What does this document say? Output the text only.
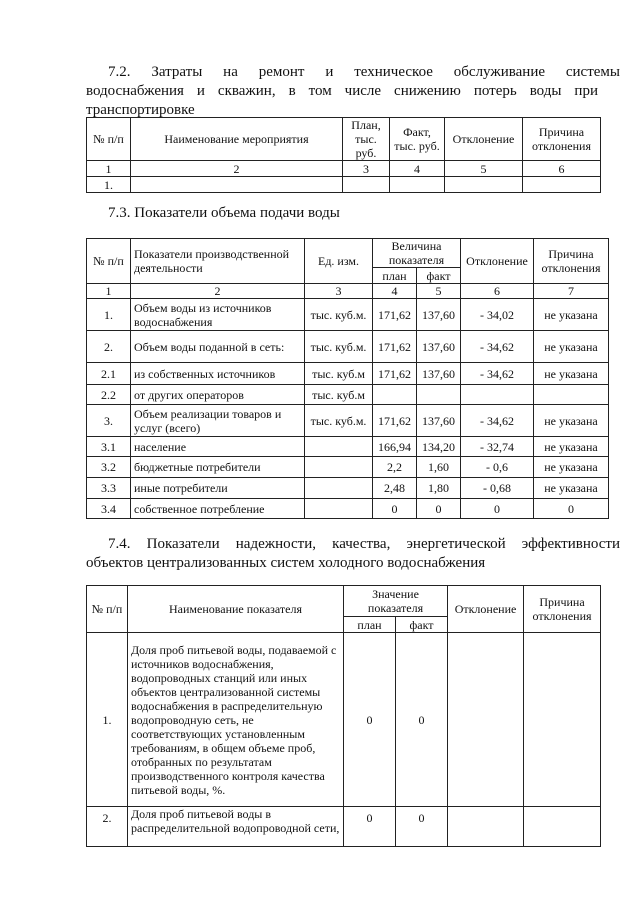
7.2. Затраты на ремонт и техническое обслуживание системы
водоснабжения и скважин, в том числе снижению потерь воды при
транспортировке
№ п/п	Наименование мероприятия	План, тыс. руб.	Факт, тыс. руб.	Отклонение	Причина отклонения
1	2	3	4	5	6
1.					
7.3. Показатели объема подачи воды
№ п/п	Показатели производственной деятельности	Ед. изм.	Величина показателя		Отклонение	Причина отклонения
			план	факт		
1	2	3	4	5	6	7
1.	Объем воды из источников водоснабжения	тыс. куб.м.	171,62	137,60	- 34,02	не указана
2.	Объем воды поданной в сеть:	тыс. куб.м.	171,62	137,60	- 34,62	не указана
2.1	из собственных источников	тыс. куб.м	171,62	137,60	- 34,62	не указана
2.2	от других операторов	тыс. куб.м				
3.	Объем реализации товаров и услуг (всего)	тыс. куб.м.	171,62	137,60	- 34,62	не указана
3.1	население		166,94	134,20	- 32,74	не указана
3.2	бюджетные потребители		2,2	1,60	- 0,6	не указана
3.3	иные потребители		2,48	1,80	- 0,68	не указана
3.4	собственное потребление		0	0	0	0
7.4. Показатели надежности, качества, энергетической эффективности
объектов централизованных систем холодного водоснабжения
№ п/п	Наименование показателя	Значение показателя		Отклонение	Причина отклонения
		план	факт		
1.	Доля проб питьевой воды, подаваемой с источников водоснабжения, водопроводных станций или иных объектов централизованной системы водоснабжения в распределительную водопроводную сеть, не соответствующих установленным требованиям, в общем объеме проб, отобранных по результатам производственного контроля качества питьевой воды, %.	0	0		
2.	Доля проб питьевой воды в распределительной водопроводной сети,	0	0		
